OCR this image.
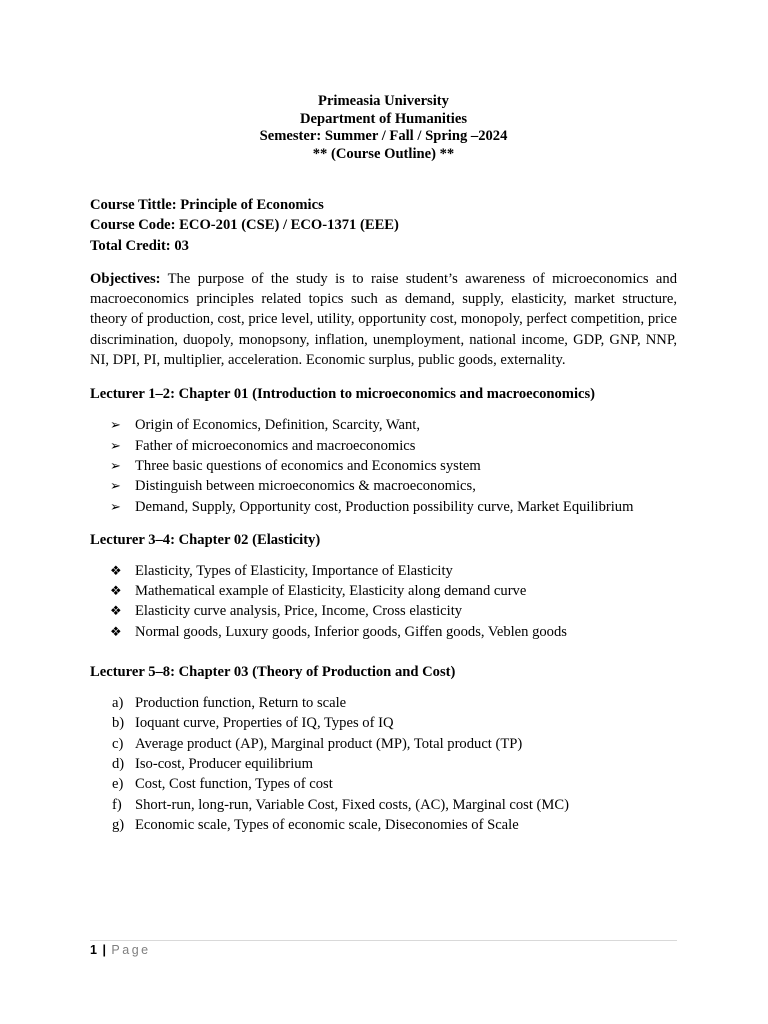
Primeasia University
Department of Humanities
Semester: Summer / Fall / Spring –2024
** (Course Outline) **
Course Tittle: Principle of Economics
Course Code: ECO-201 (CSE) / ECO-1371 (EEE)
Total Credit: 03
Objectives: The purpose of the study is to raise student’s awareness of microeconomics and macroeconomics principles related topics such as demand, supply, elasticity, market structure, theory of production, cost, price level, utility, opportunity cost, monopoly, perfect competition, price discrimination, duopoly, monopsony, inflation, unemployment, national income, GDP, GNP, NNP, NI, DPI, PI, multiplier, acceleration. Economic surplus, public goods, externality.
Lecturer 1–2: Chapter 01 (Introduction to microeconomics and macroeconomics)
➢ Origin of Economics, Definition, Scarcity, Want,
➢ Father of microeconomics and macroeconomics
➢ Three basic questions of economics and Economics system
➢ Distinguish between microeconomics & macroeconomics,
➢ Demand, Supply, Opportunity cost, Production possibility curve, Market Equilibrium
Lecturer 3–4: Chapter 02 (Elasticity)
❖ Elasticity, Types of Elasticity, Importance of Elasticity
❖ Mathematical example of Elasticity, Elasticity along demand curve
❖ Elasticity curve analysis, Price, Income, Cross elasticity
❖ Normal goods, Luxury goods, Inferior goods, Giffen goods, Veblen goods
Lecturer 5–8: Chapter 03 (Theory of Production and Cost)
a) Production function, Return to scale
b) Ioquant curve, Properties of IQ, Types of IQ
c) Average product (AP), Marginal product (MP), Total product (TP)
d) Iso-cost, Producer equilibrium
e) Cost, Cost function, Types of cost
f) Short-run, long-run, Variable Cost, Fixed costs, (AC), Marginal cost (MC)
g) Economic scale, Types of economic scale, Diseconomies of Scale
1 | Page
